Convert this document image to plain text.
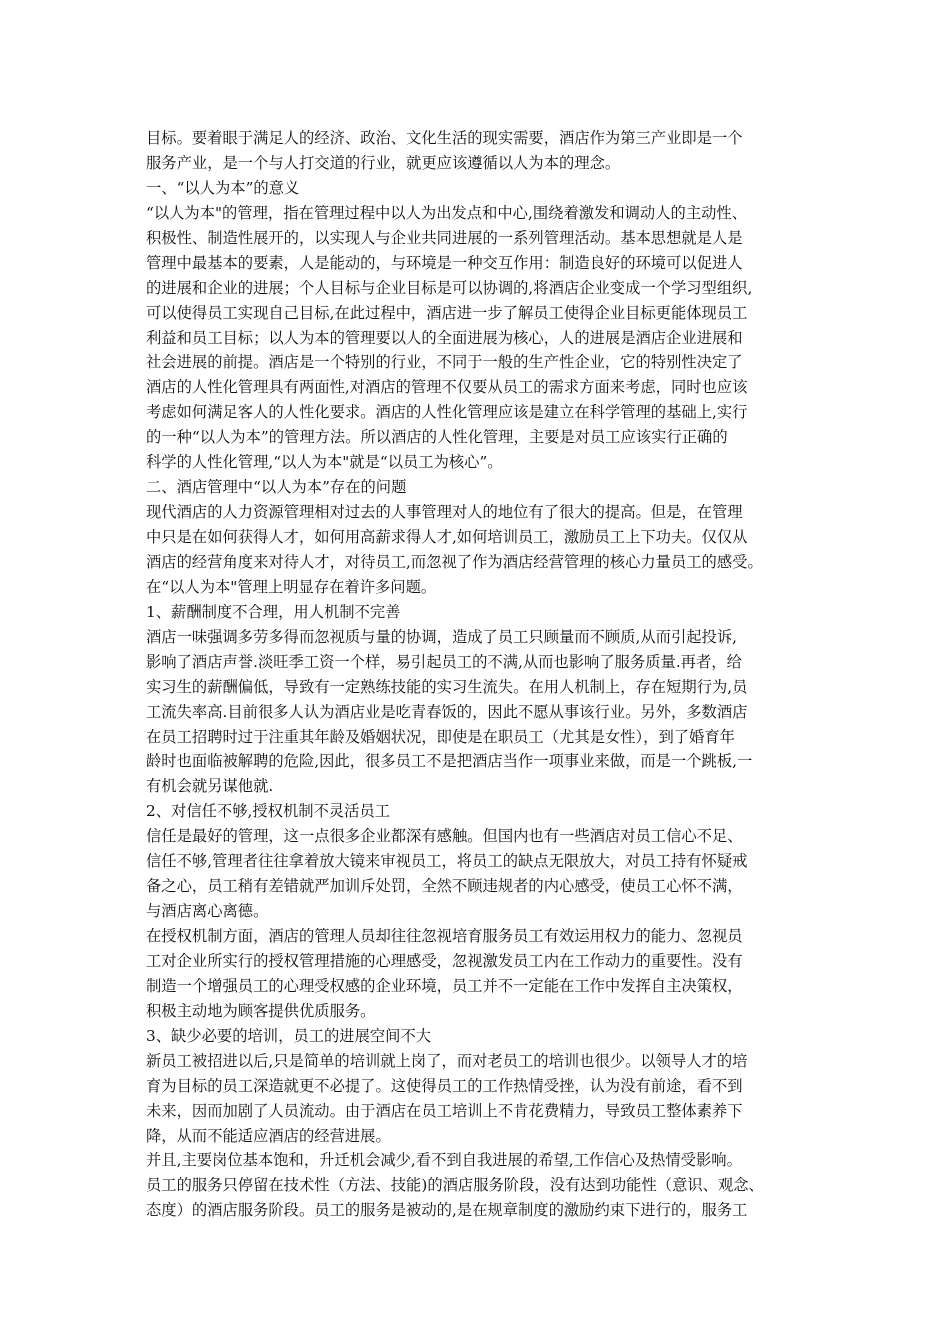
目标。要着眼于满足人的经济、政治、文化生活的现实需要，酒店作为第三产业即是一个
服务产业，是一个与人打交道的行业，就更应该遵循以人为本的理念。
一、“以人为本”的意义
“以人为本"的管理，指在管理过程中以人为出发点和中心,围绕着激发和调动人的主动性、
积极性、制造性展开的，以实现人与企业共同进展的一系列管理活动。基本思想就是人是
管理中最基本的要素，人是能动的，与环境是一种交互作用：制造良好的环境可以促进人
的进展和企业的进展；个人目标与企业目标是可以协调的,将酒店企业变成一个学习型组织,
可以使得员工实现自己目标,在此过程中，酒店进一步了解员工使得企业目标更能体现员工
利益和员工目标；以人为本的管理要以人的全面进展为核心，人的进展是酒店企业进展和
社会进展的前提。酒店是一个特别的行业，不同于一般的生产性企业，它的特别性决定了
酒店的人性化管理具有两面性,对酒店的管理不仅要从员工的需求方面来考虑，同时也应该
考虑如何满足客人的人性化要求。酒店的人性化管理应该是建立在科学管理的基础上,实行
的一种“以人为本”的管理方法。所以酒店的人性化管理，主要是对员工应该实行正确的
科学的人性化管理,“以人为本"就是“以员工为核心”。
二、酒店管理中“以人为本”存在的问题
现代酒店的人力资源管理相对过去的人事管理对人的地位有了很大的提高。但是，在管理
中只是在如何获得人才，如何用高薪求得人才,如何培训员工，激励员工上下功夫。仅仅从
酒店的经营角度来对待人才，对待员工,而忽视了作为酒店经营管理的核心力量员工的感受。
在“以人为本"管理上明显存在着许多问题。
1、薪酬制度不合理，用人机制不完善
酒店一味强调多劳多得而忽视质与量的协调，造成了员工只顾量而不顾质,从而引起投诉,
影响了酒店声誉.淡旺季工资一个样，易引起员工的不满,从而也影响了服务质量.再者，给
实习生的薪酬偏低，导致有一定熟练技能的实习生流失。在用人机制上，存在短期行为,员
工流失率高.目前很多人认为酒店业是吃青春饭的，因此不愿从事该行业。另外，多数酒店
在员工招聘时过于注重其年龄及婚姻状况，即使是在职员工（尤其是女性），到了婚育年
龄时也面临被解聘的危险,因此，很多员工不是把酒店当作一项事业来做，而是一个跳板,一
有机会就另谋他就.
2、对信任不够,授权机制不灵活员工
信任是最好的管理，这一点很多企业都深有感触。但国内也有一些酒店对员工信心不足、
信任不够,管理者往往拿着放大镜来审视员工，将员工的缺点无限放大，对员工持有怀疑戒
备之心，员工稍有差错就严加训斥处罚，全然不顾违规者的内心感受，使员工心怀不满，
与酒店离心离德。
在授权机制方面，酒店的管理人员却往往忽视培育服务员工有效运用权力的能力、忽视员
工对企业所实行的授权管理措施的心理感受，忽视激发员工内在工作动力的重要性。没有
制造一个增强员工的心理受权感的企业环境，员工并不一定能在工作中发挥自主决策权，
积极主动地为顾客提供优质服务。
3、缺少必要的培训，员工的进展空间不大
新员工被招进以后,只是简单的培训就上岗了，而对老员工的培训也很少。以领导人才的培
育为目标的员工深造就更不必提了。这使得员工的工作热情受挫，认为没有前途，看不到
未来，因而加剧了人员流动。由于酒店在员工培训上不肯花费精力，导致员工整体素养下
降，从而不能适应酒店的经营进展。
并且,主要岗位基本饱和，升迁机会减少,看不到自我进展的希望,工作信心及热情受影响。
员工的服务只停留在技术性（方法、技能)的酒店服务阶段，没有达到功能性（意识、观念、
态度）的酒店服务阶段。员工的服务是被动的,是在规章制度的激励约束下进行的，服务工
